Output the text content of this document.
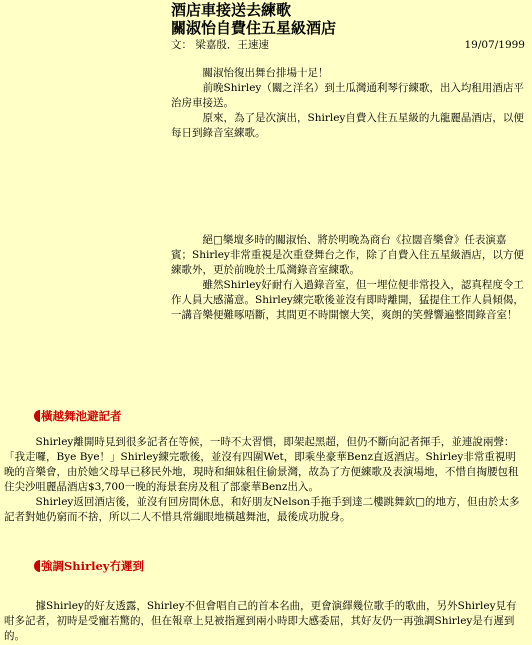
酒店車接送去練歌
關淑怡自費住五星級酒店
文： 梁嘉殷．王速速	19/07/1999

關淑怡復出舞台排場十足！

前晚Shirley（關之洋名）到土瓜灣通利琴行練歌，出入均租用酒店平治房車接送。

原來，為了是次演出，Shirley自費入住五星級的九龍麗晶酒店，以便每日到錄音室練歌。

絕□樂壇多時的關淑怡、將於明晚為商台《拉闊音樂會》任表演嘉賓；Shirley非常重視是次重登舞台之作，除了自費入住五星級酒店，以方便練歌外，更於前晚於土瓜灣錄音室練歌。

雖然Shirley好耐冇入過錄音室，但一埋位便非常投入，認真程度令工作人員大感滿意。Shirley練完歌後並沒有即時離開，猛提住工作人員傾偈，一講音樂便難啄唔斷，其間更不時開懷大笑，爽朗的笑聲響遍整間錄音室！

橫越舞池避記者

Shirley離開時見到很多記者在等候，一時不太習慣，即架起黑超，但仍不斷向記者揮手，並連說兩聲：「我走囉，Bye Bye！」Shirley練完歌後，並沒有四圍Wet，即乘坐豪華Benz直返酒店。Shirley非常重視明晚的音樂會，由於她父母早已移民外地，現時和細妹租住偷景灣，故為了方便練歌及表演場地，不惜自掏腰包租住尖沙咀麗晶酒店$3,700一晚的海景套房及租了部豪華Benz出入。

Shirley返回酒店後，並沒有回房間休息，和好朋友Nelson手拖手到達二樓跳舞欽□的地方，但由於太多記者對她仍窮而不捨，所以二人不惜具常繃眼地橫越舞池，最後成功脫身。

強調Shirley冇遲到

據Shirley的好友透露，Shirley不但會唱自己的首本名曲，更會演繹幾位歌手的歌曲，另外Shirley見有咁多記者，初時是受寵若驚的，但在報章上見被指遲到兩小時即大感委屈，其好友仍一再強調Shirley是冇遲到的。
